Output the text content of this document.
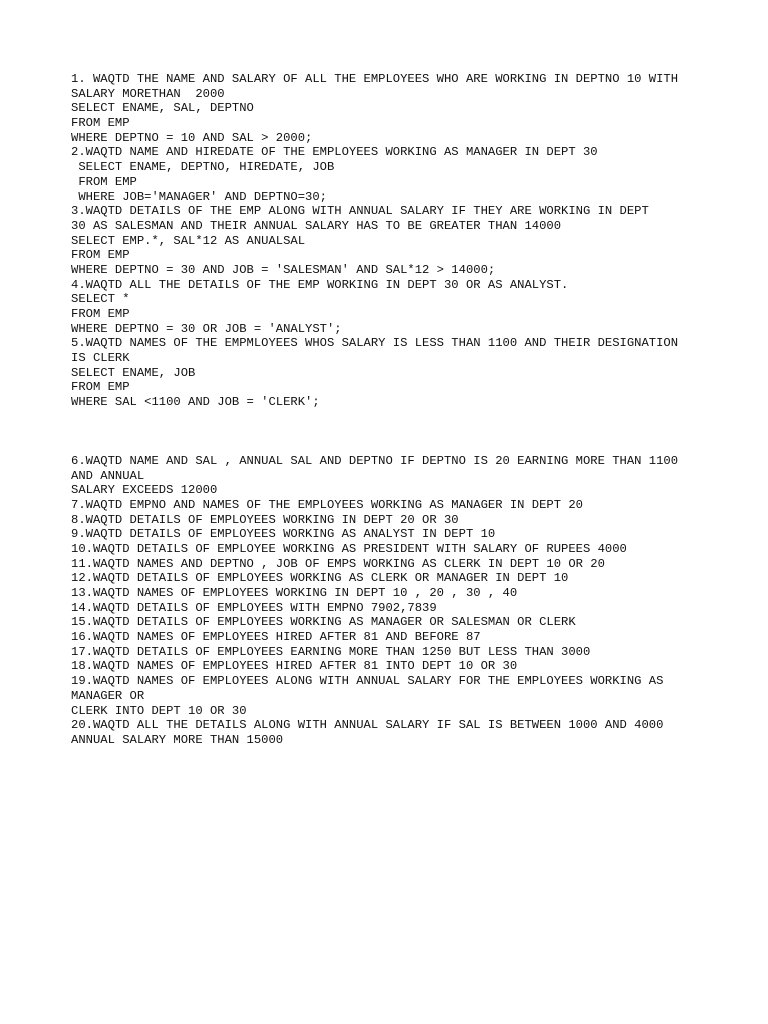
1. WAQTD THE NAME AND SALARY OF ALL THE EMPLOYEES WHO ARE WORKING IN DEPTNO 10 WITH
SALARY MORETHAN  2000
SELECT ENAME, SAL, DEPTNO
FROM EMP
WHERE DEPTNO = 10 AND SAL > 2000;
2.WAQTD NAME AND HIREDATE OF THE EMPLOYEES WORKING AS MANAGER IN DEPT 30
SELECT ENAME, DEPTNO, HIREDATE, JOB
FROM EMP
WHERE JOB='MANAGER' AND DEPTNO=30;
3.WAQTD DETAILS OF THE EMP ALONG WITH ANNUAL SALARY IF THEY ARE WORKING IN DEPT
30 AS SALESMAN AND THEIR ANNUAL SALARY HAS TO BE GREATER THAN 14000
SELECT EMP.*, SAL*12 AS ANUALSAL
FROM EMP
WHERE DEPTNO = 30 AND JOB = 'SALESMAN' AND SAL*12 > 14000;
4.WAQTD ALL THE DETAILS OF THE EMP WORKING IN DEPT 30 OR AS ANALYST.
SELECT *
FROM EMP
WHERE DEPTNO = 30 OR JOB = 'ANALYST';
5.WAQTD NAMES OF THE EMPMLOYEES WHOS SALARY IS LESS THAN 1100 AND THEIR DESIGNATION
IS CLERK
SELECT ENAME, JOB
FROM EMP
WHERE SAL <1100 AND JOB = 'CLERK';
6.WAQTD NAME AND SAL , ANNUAL SAL AND DEPTNO IF DEPTNO IS 20 EARNING MORE THAN 1100
AND ANNUAL
SALARY EXCEEDS 12000
7.WAQTD EMPNO AND NAMES OF THE EMPLOYEES WORKING AS MANAGER IN DEPT 20
8.WAQTD DETAILS OF EMPLOYEES WORKING IN DEPT 20 OR 30
9.WAQTD DETAILS OF EMPLOYEES WORKING AS ANALYST IN DEPT 10
10.WAQTD DETAILS OF EMPLOYEE WORKING AS PRESIDENT WITH SALARY OF RUPEES 4000
11.WAQTD NAMES AND DEPTNO , JOB OF EMPS WORKING AS CLERK IN DEPT 10 OR 20
12.WAQTD DETAILS OF EMPLOYEES WORKING AS CLERK OR MANAGER IN DEPT 10
13.WAQTD NAMES OF EMPLOYEES WORKING IN DEPT 10 , 20 , 30 , 40
14.WAQTD DETAILS OF EMPLOYEES WITH EMPNO 7902,7839
15.WAQTD DETAILS OF EMPLOYEES WORKING AS MANAGER OR SALESMAN OR CLERK
16.WAQTD NAMES OF EMPLOYEES HIRED AFTER 81 AND BEFORE 87
17.WAQTD DETAILS OF EMPLOYEES EARNING MORE THAN 1250 BUT LESS THAN 3000
18.WAQTD NAMES OF EMPLOYEES HIRED AFTER 81 INTO DEPT 10 OR 30
19.WAQTD NAMES OF EMPLOYEES ALONG WITH ANNUAL SALARY FOR THE EMPLOYEES WORKING AS
MANAGER OR
CLERK INTO DEPT 10 OR 30
20.WAQTD ALL THE DETAILS ALONG WITH ANNUAL SALARY IF SAL IS BETWEEN 1000 AND 4000
ANNUAL SALARY MORE THAN 15000
